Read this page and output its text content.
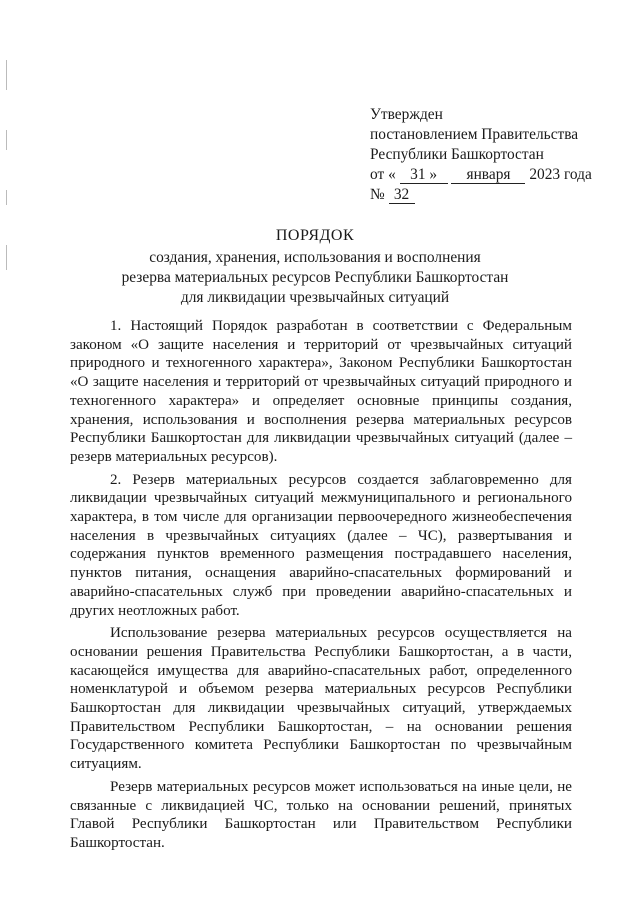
Утвержден
постановлением Правительства
Республики Башкортостан
от « 31 » января 2023 года
№ 32
ПОРЯДОК
создания, хранения, использования и восполнения
резерва материальных ресурсов Республики Башкортостан
для ликвидации чрезвычайных ситуаций

1. Настоящий Порядок разработан в соответствии с Федеральным законом «О защите населения и территорий от чрезвычайных ситуаций природного и техногенного характера», Законом Республики Башкортостан «О защите населения и территорий от чрезвычайных ситуаций природного и техногенного характера» и определяет основные принципы создания, хранения, использования и восполнения резерва материальных ресурсов Республики Башкортостан для ликвидации чрезвычайных ситуаций (далее – резерв материальных ресурсов).

2. Резерв материальных ресурсов создается заблаговременно для ликвидации чрезвычайных ситуаций межмуниципального и регионального характера, в том числе для организации первоочередного жизнеобеспечения населения в чрезвычайных ситуациях (далее – ЧС), развертывания и содержания пунктов временного размещения пострадавшего населения, пунктов питания, оснащения аварийно-спасательных формирований и аварийно-спасательных служб при проведении аварийно-спасательных и других неотложных работ.

Использование резерва материальных ресурсов осуществляется на основании решения Правительства Республики Башкортостан, а в части, касающейся имущества для аварийно-спасательных работ, определенного номенклатурой и объемом резерва материальных ресурсов Республики Башкортостан для ликвидации чрезвычайных ситуаций, утверждаемых Правительством Республики Башкортостан, – на основании решения Государственного комитета Республики Башкортостан по чрезвычайным ситуациям.

Резерв материальных ресурсов может использоваться на иные цели, не связанные с ликвидацией ЧС, только на основании решений, принятых Главой Республики Башкортостан или Правительством Республики Башкортостан.
